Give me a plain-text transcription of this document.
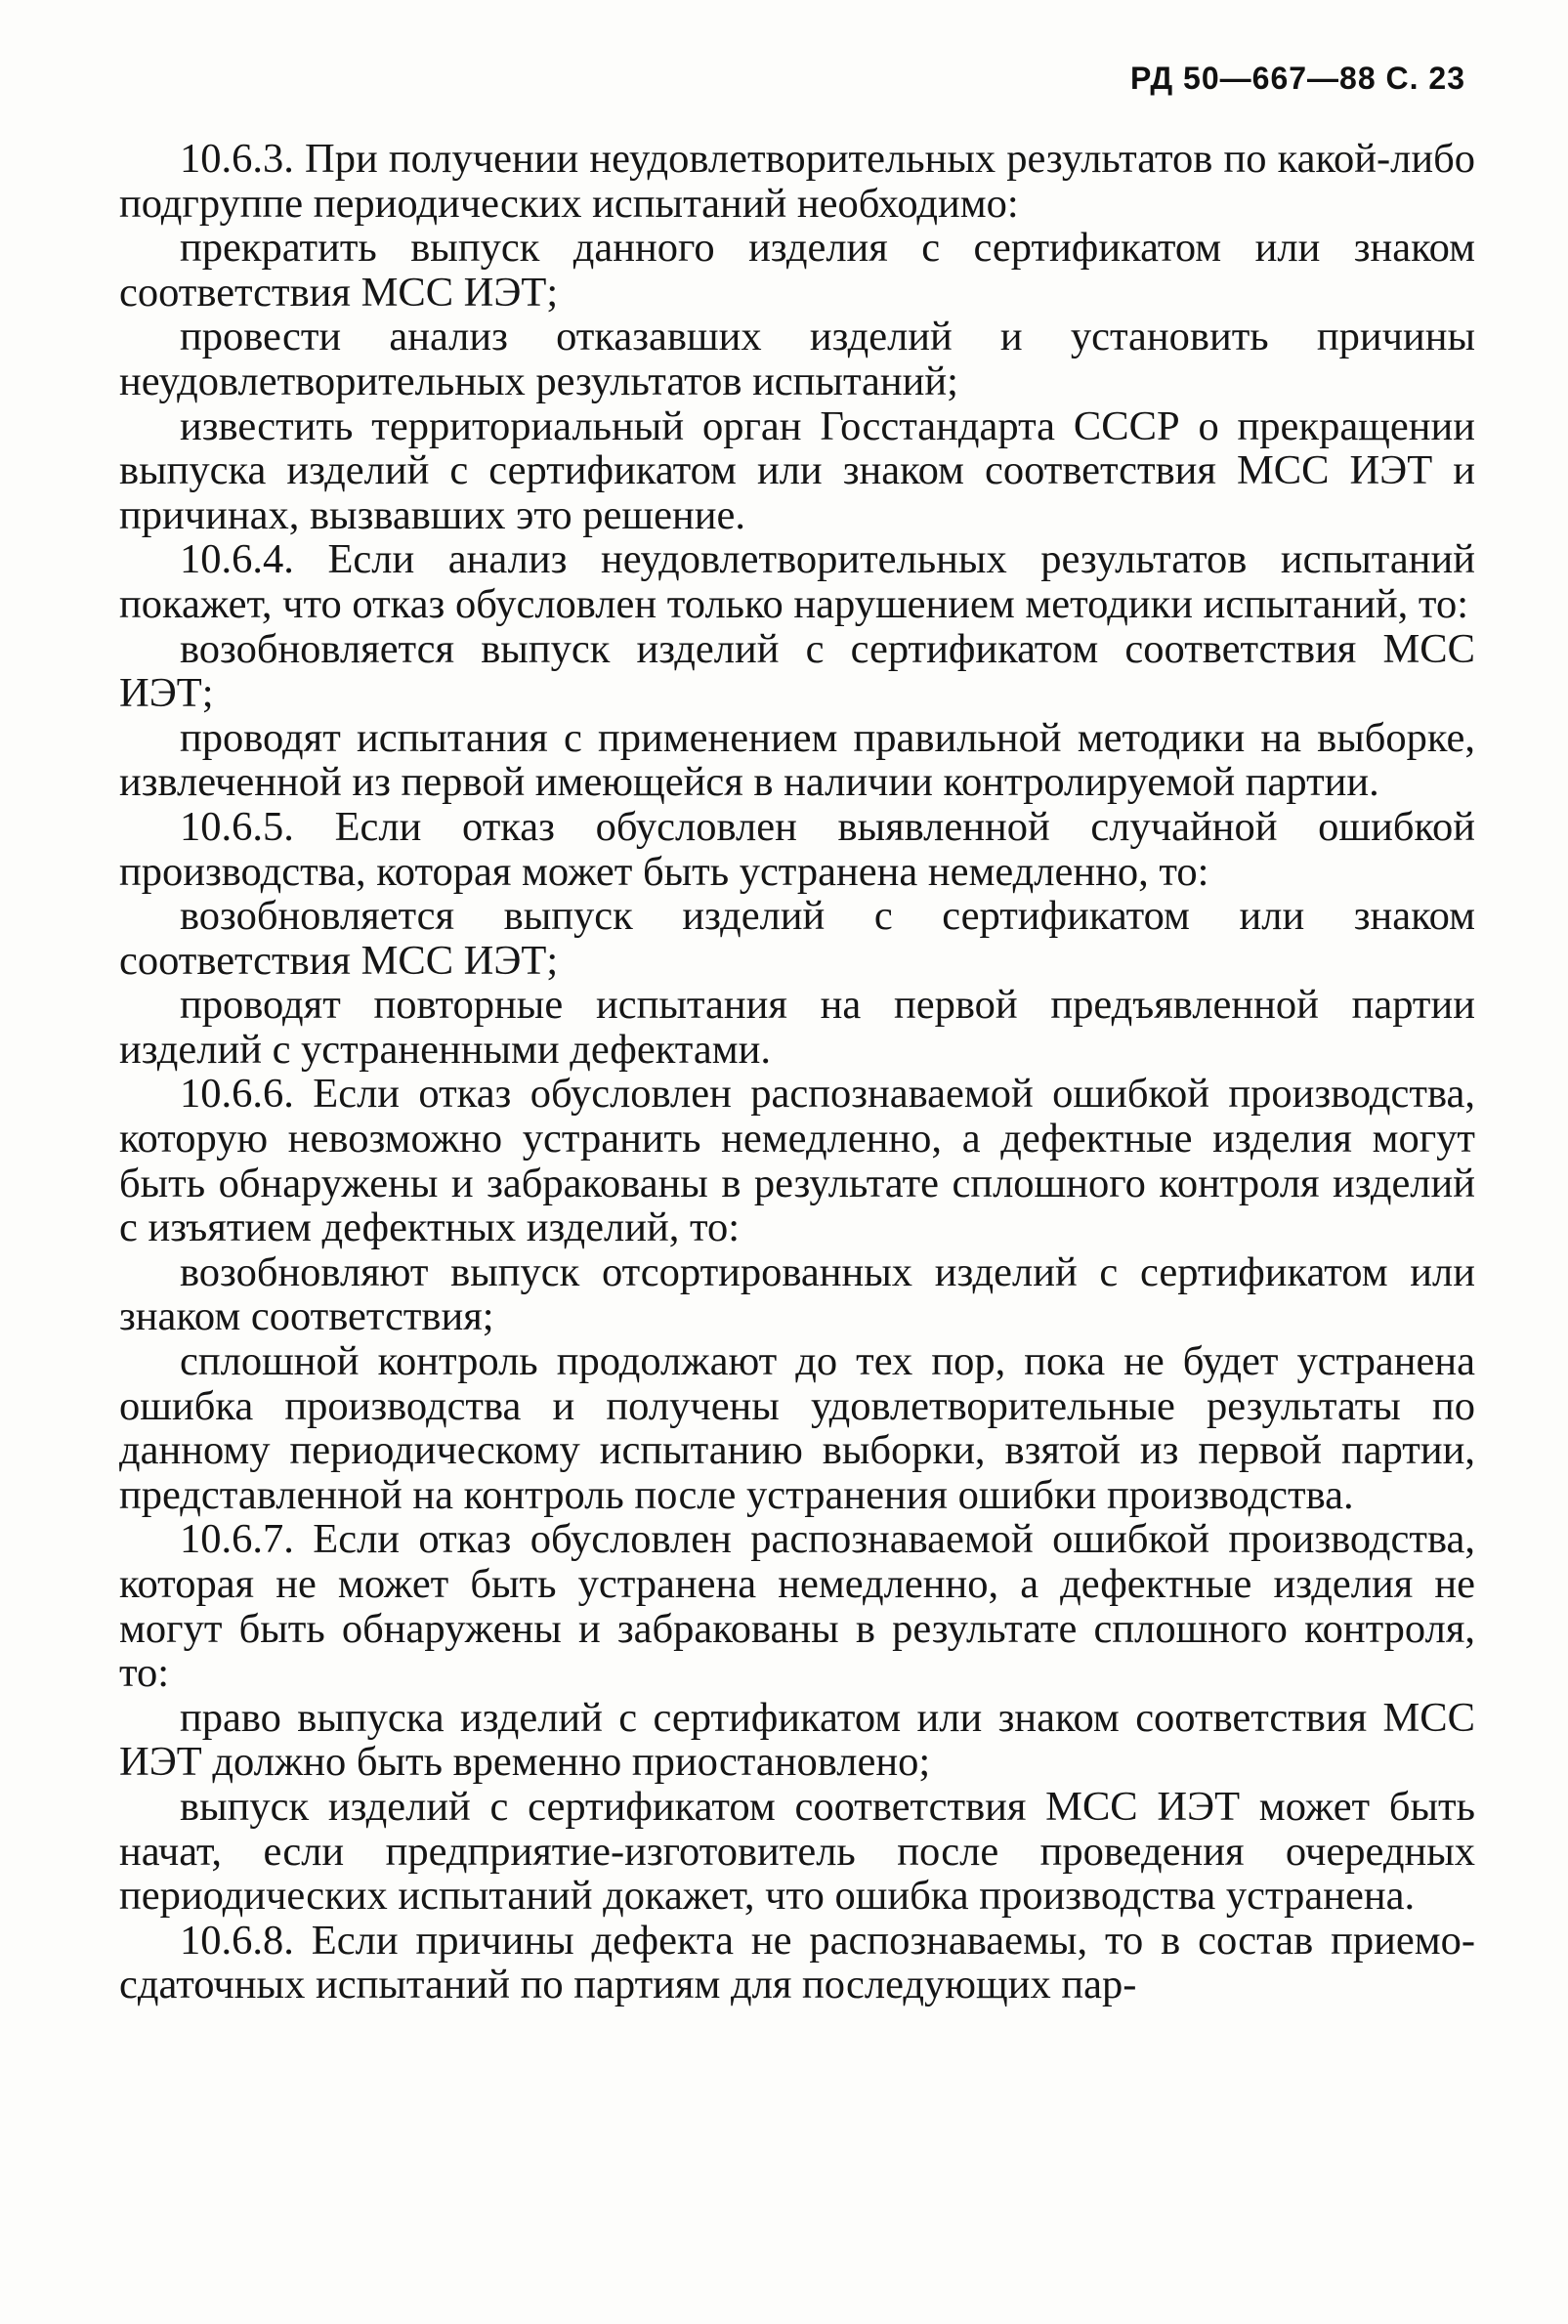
РД 50—667—88 С. 23

10.6.3. При получении неудовлетворительных результатов по какой-либо подгруппе периодических испытаний необходимо:

прекратить выпуск данного изделия с сертификатом или знаком соответствия МСС ИЭТ;

провести анализ отказавших изделий и установить причины неудовлетворительных результатов испытаний;

известить территориальный орган Госстандарта СССР о прекращении выпуска изделий с сертификатом или знаком соответствия МСС ИЭТ и причинах, вызвавших это решение.

10.6.4. Если анализ неудовлетворительных результатов испытаний покажет, что отказ обусловлен только нарушением методики испытаний, то:

возобновляется выпуск изделий с сертификатом соответствия МСС ИЭТ;

проводят испытания с применением правильной методики на выборке, извлеченной из первой имеющейся в наличии контролируемой партии.

10.6.5. Если отказ обусловлен выявленной случайной ошибкой производства, которая может быть устранена немедленно, то:

возобновляется выпуск изделий с сертификатом или знаком соответствия МСС ИЭТ;

проводят повторные испытания на первой предъявленной партии изделий с устраненными дефектами.

10.6.6. Если отказ обусловлен распознаваемой ошибкой производства, которую невозможно устранить немедленно, а дефектные изделия могут быть обнаружены и забракованы в результате сплошного контроля изделий с изъятием дефектных изделий, то:

возобновляют выпуск отсортированных изделий с сертификатом или знаком соответствия;

сплошной контроль продолжают до тех пор, пока не будет устранена ошибка производства и получены удовлетворительные результаты по данному периодическому испытанию выборки, взятой из первой партии, представленной на контроль после устранения ошибки производства.

10.6.7. Если отказ обусловлен распознаваемой ошибкой производства, которая не может быть устранена немедленно, а дефектные изделия не могут быть обнаружены и забракованы в результате сплошного контроля, то:

право выпуска изделий с сертификатом или знаком соответствия МСС ИЭТ должно быть временно приостановлено;

выпуск изделий с сертификатом соответствия МСС ИЭТ может быть начат, если предприятие-изготовитель после проведения очередных периодических испытаний докажет, что ошибка производства устранена.

10.6.8. Если причины дефекта не распознаваемы, то в состав приемо-сдаточных испытаний по партиям для последующих пар-
